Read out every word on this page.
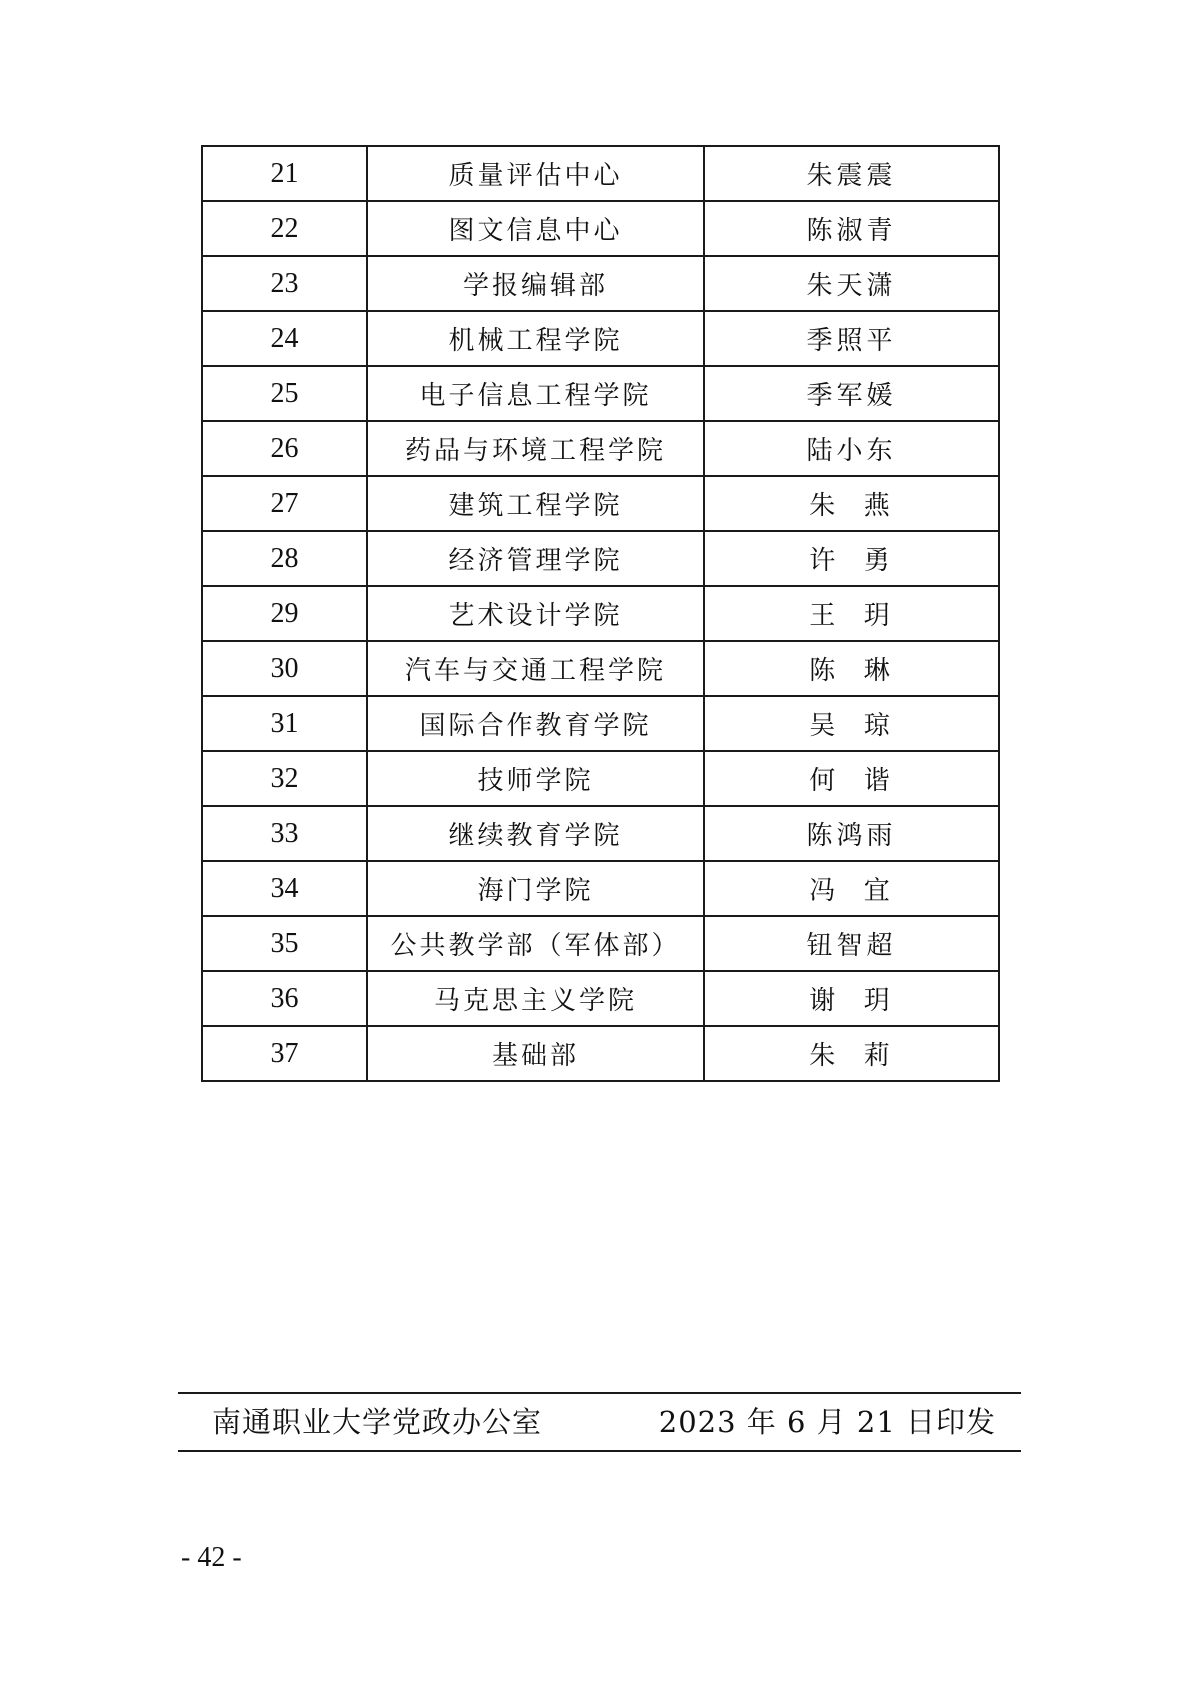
21	质量评估中心	朱震震
22	图文信息中心	陈淑青
23	学报编辑部	朱天潇
24	机械工程学院	季照平
25	电子信息工程学院	季军媛
26	药品与环境工程学院	陆小东
27	建筑工程学院	朱  燕
28	经济管理学院	许  勇
29	艺术设计学院	王  玥
30	汽车与交通工程学院	陈  琳
31	国际合作教育学院	吴  琼
32	技师学院	何  谐
33	继续教育学院	陈鸿雨
34	海门学院	冯  宜
35	公共教学部（军体部）	钮智超
36	马克思主义学院	谢  玥
37	基础部	朱  莉
南通职业大学党政办公室	2023 年 6 月 21 日印发
- 42 -
